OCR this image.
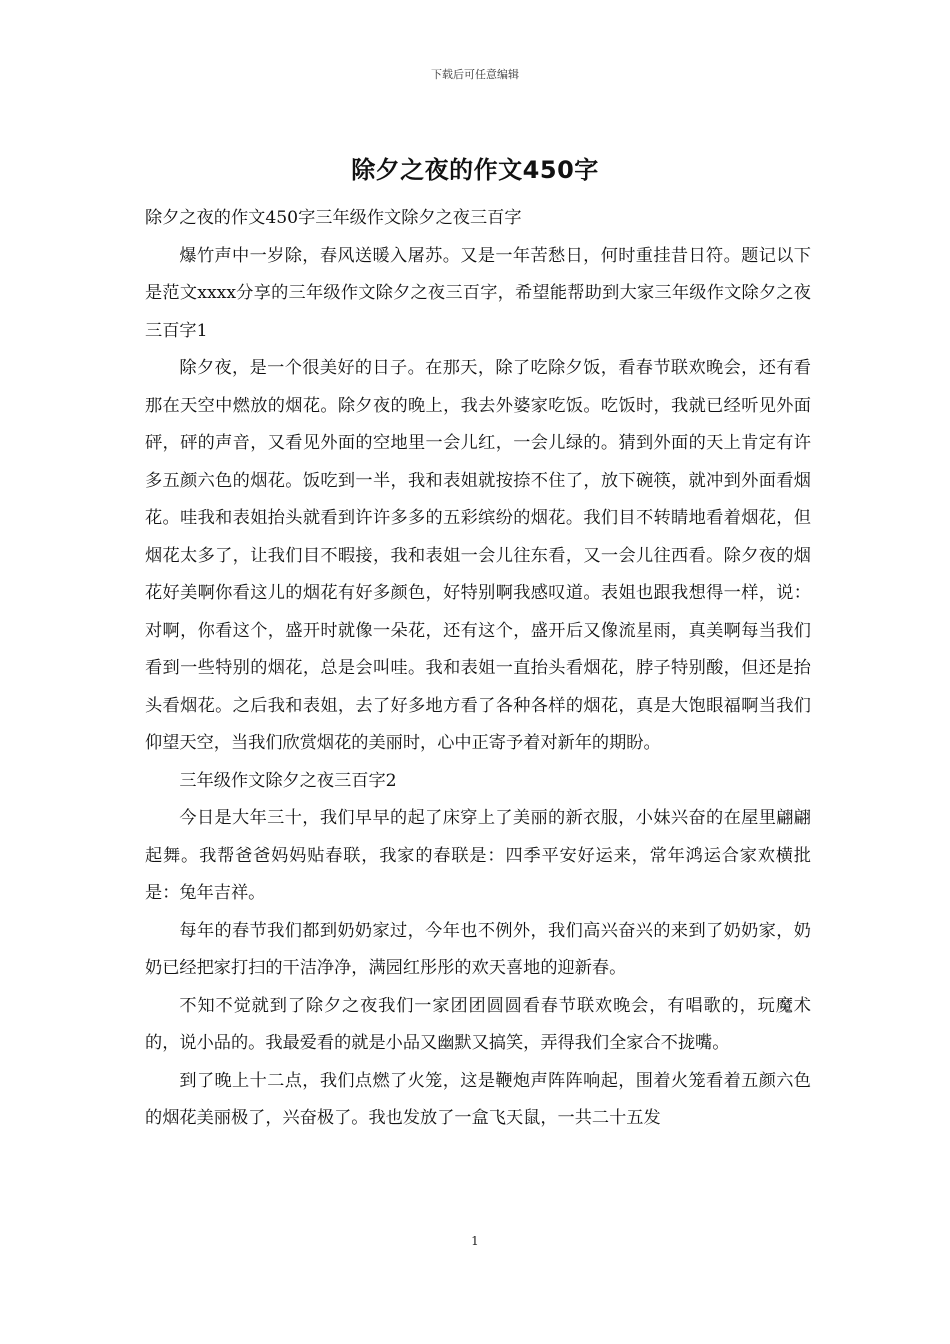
下载后可任意编辑
除夕之夜的作文450字

除夕之夜的作文450字三年级作文除夕之夜三百字

爆竹声中一岁除，春风送暖入屠苏。又是一年苦愁日，何时重挂昔日符。题记以下是范文xxxx分享的三年级作文除夕之夜三百字，希望能帮助到大家三年级作文除夕之夜三百字1

除夕夜，是一个很美好的日子。在那天，除了吃除夕饭，看春节联欢晚会，还有看那在天空中燃放的烟花。除夕夜的晚上，我去外婆家吃饭。吃饭时，我就已经听见外面砰，砰的声音，又看见外面的空地里一会儿红，一会儿绿的。猜到外面的天上肯定有许多五颜六色的烟花。饭吃到一半，我和表姐就按捺不住了，放下碗筷，就冲到外面看烟花。哇我和表姐抬头就看到许许多多的五彩缤纷的烟花。我们目不转睛地看着烟花，但烟花太多了，让我们目不暇接，我和表姐一会儿往东看，又一会儿往西看。除夕夜的烟花好美啊你看这儿的烟花有好多颜色，好特别啊我感叹道。表姐也跟我想得一样，说：对啊，你看这个，盛开时就像一朵花，还有这个，盛开后又像流星雨，真美啊每当我们看到一些特别的烟花，总是会叫哇。我和表姐一直抬头看烟花，脖子特别酸，但还是抬头看烟花。之后我和表姐，去了好多地方看了各种各样的烟花，真是大饱眼福啊当我们仰望天空，当我们欣赏烟花的美丽时，心中正寄予着对新年的期盼。

三年级作文除夕之夜三百字2

今日是大年三十，我们早早的起了床穿上了美丽的新衣服，小妹兴奋的在屋里翩翩起舞。我帮爸爸妈妈贴春联，我家的春联是：四季平安好运来，常年鸿运合家欢横批是：兔年吉祥。

每年的春节我们都到奶奶家过，今年也不例外，我们高兴奋兴的来到了奶奶家，奶奶已经把家打扫的干洁净净，满园红彤彤的欢天喜地的迎新春。

不知不觉就到了除夕之夜我们一家团团圆圆看春节联欢晚会，有唱歌的，玩魔术的，说小品的。我最爱看的就是小品又幽默又搞笑，弄得我们全家合不拢嘴。

到了晚上十二点，我们点燃了火笼，这是鞭炮声阵阵响起，围着火笼看着五颜六色的烟花美丽极了，兴奋极了。我也发放了一盒飞天鼠，一共二十五发

1
